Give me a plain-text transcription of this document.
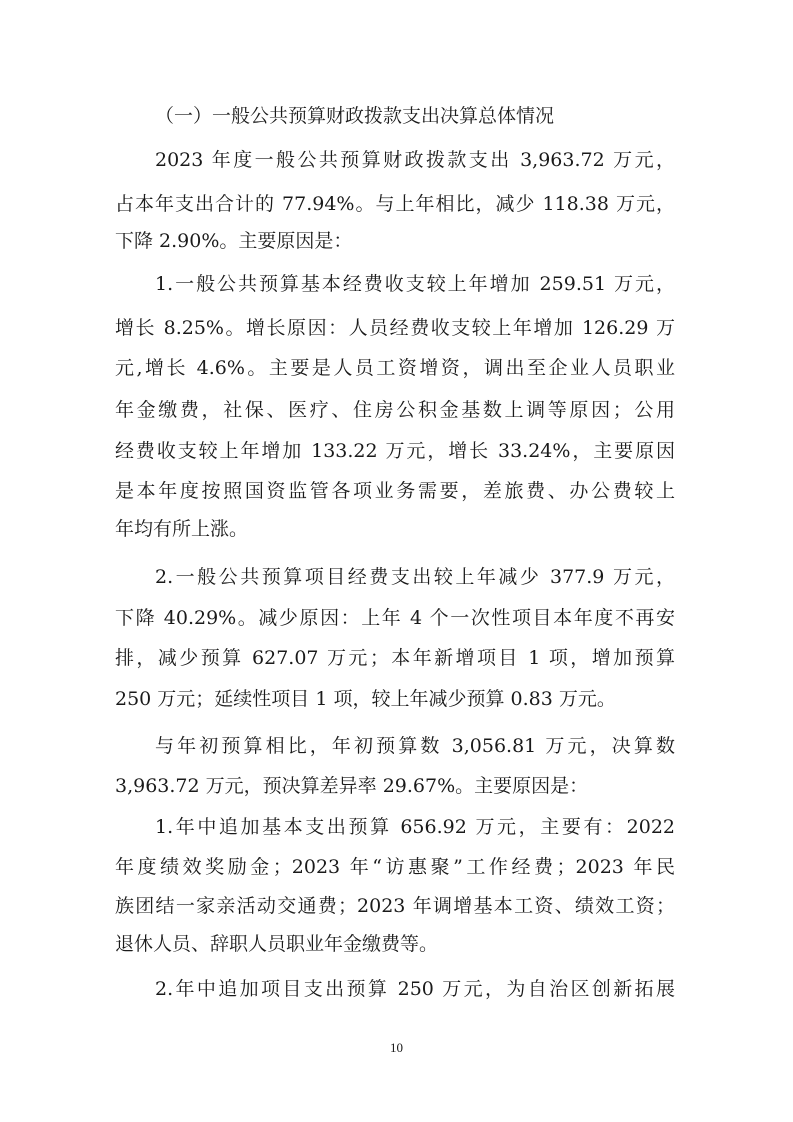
（一）一般公共预算财政拨款支出决算总体情况
2023 年度一般公共预算财政拨款支出 3,963.72 万元，
占本年支出合计的 77.94%。与上年相比，减少 118.38 万元，
下降 2.90%。主要原因是：
1.一般公共预算基本经费收支较上年增加 259.51 万元，
增长 8.25%。增长原因：人员经费收支较上年增加 126.29 万
元,增长 4.6%。主要是人员工资增资，调出至企业人员职业
年金缴费，社保、医疗、住房公积金基数上调等原因；公用
经费收支较上年增加 133.22 万元，增长 33.24%，主要原因
是本年度按照国资监管各项业务需要，差旅费、办公费较上
年均有所上涨。
2.一般公共预算项目经费支出较上年减少 377.9 万元，
下降 40.29%。减少原因：上年 4 个一次性项目本年度不再安
排，减少预算 627.07 万元；本年新增项目 1 项，增加预算
250 万元；延续性项目 1 项，较上年减少预算 0.83 万元。
与年初预算相比，年初预算数 3,056.81 万元，决算数
3,963.72 万元，预决算差异率 29.67%。主要原因是：
1.年中追加基本支出预算 656.92 万元，主要有：2022
年度绩效奖励金；2023 年“访惠聚”工作经费；2023 年民
族团结一家亲活动交通费；2023 年调增基本工资、绩效工资；
退休人员、辞职人员职业年金缴费等。
2.年中追加项目支出预算 250 万元，为自治区创新拓展
10
